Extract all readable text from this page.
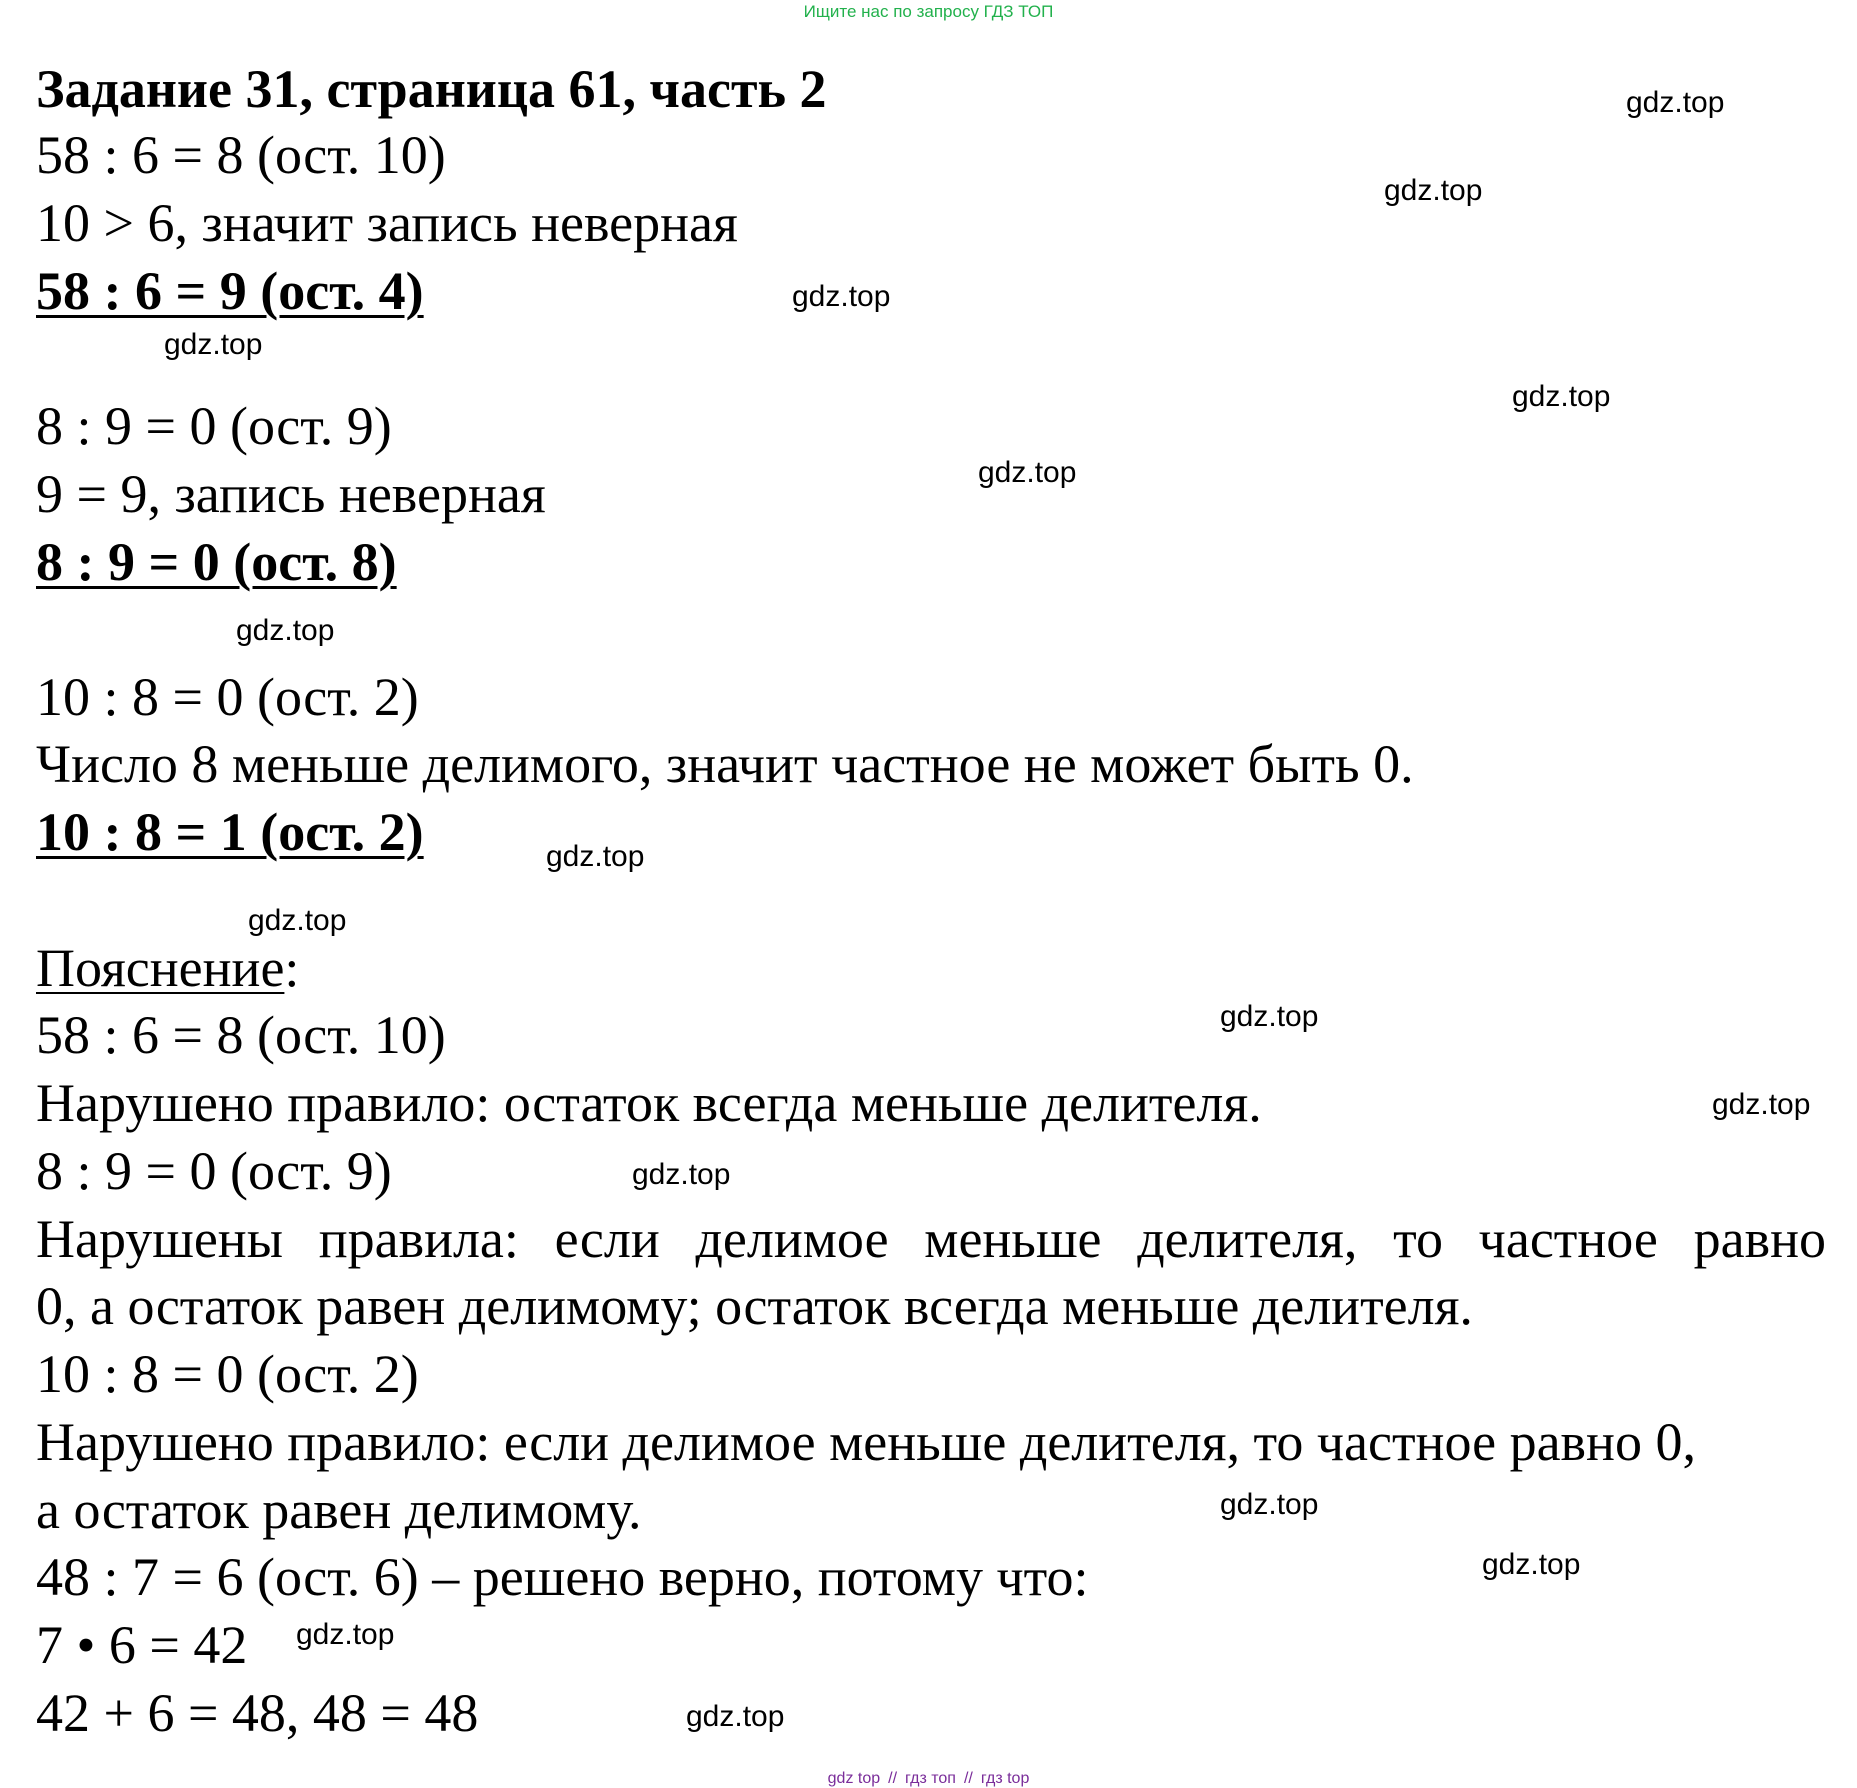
Ищите нас по запросу ГДЗ ТОП
Задание 31, страница 61, часть 2
58 : 6 = 8 (ост. 10)
10 > 6, значит запись неверная
58 : 6 = 9 (ост. 4)
8 : 9 = 0 (ост. 9)
9 = 9, запись неверная
8 : 9 = 0 (ост. 8)
10 : 8 = 0 (ост. 2)
Число 8 меньше делимого, значит частное не может быть 0.
10 : 8 = 1 (ост. 2)
Пояснение:
58 : 6 = 8 (ост. 10)
Нарушено правило: остаток всегда меньше делителя.
8 : 9 = 0 (ост. 9)
Нарушены правила: если делимое меньше делителя, то частное равно
0, а остаток равен делимому; остаток всегда меньше делителя.
10 : 8 = 0 (ост. 2)
Нарушено правило: если делимое меньше делителя, то частное равно 0,
а остаток равен делимому.
48 : 7 = 6 (ост. 6) – решено верно, потому что:
7 • 6 = 42
42 + 6 = 48, 48 = 48
gdz.top
gdz.top
gdz.top
gdz.top
gdz.top
gdz.top
gdz.top
gdz.top
gdz.top
gdz.top
gdz.top
gdz.top
gdz.top
gdz.top
gdz.top
gdz.top
gdz top // гдз топ // гдз top
